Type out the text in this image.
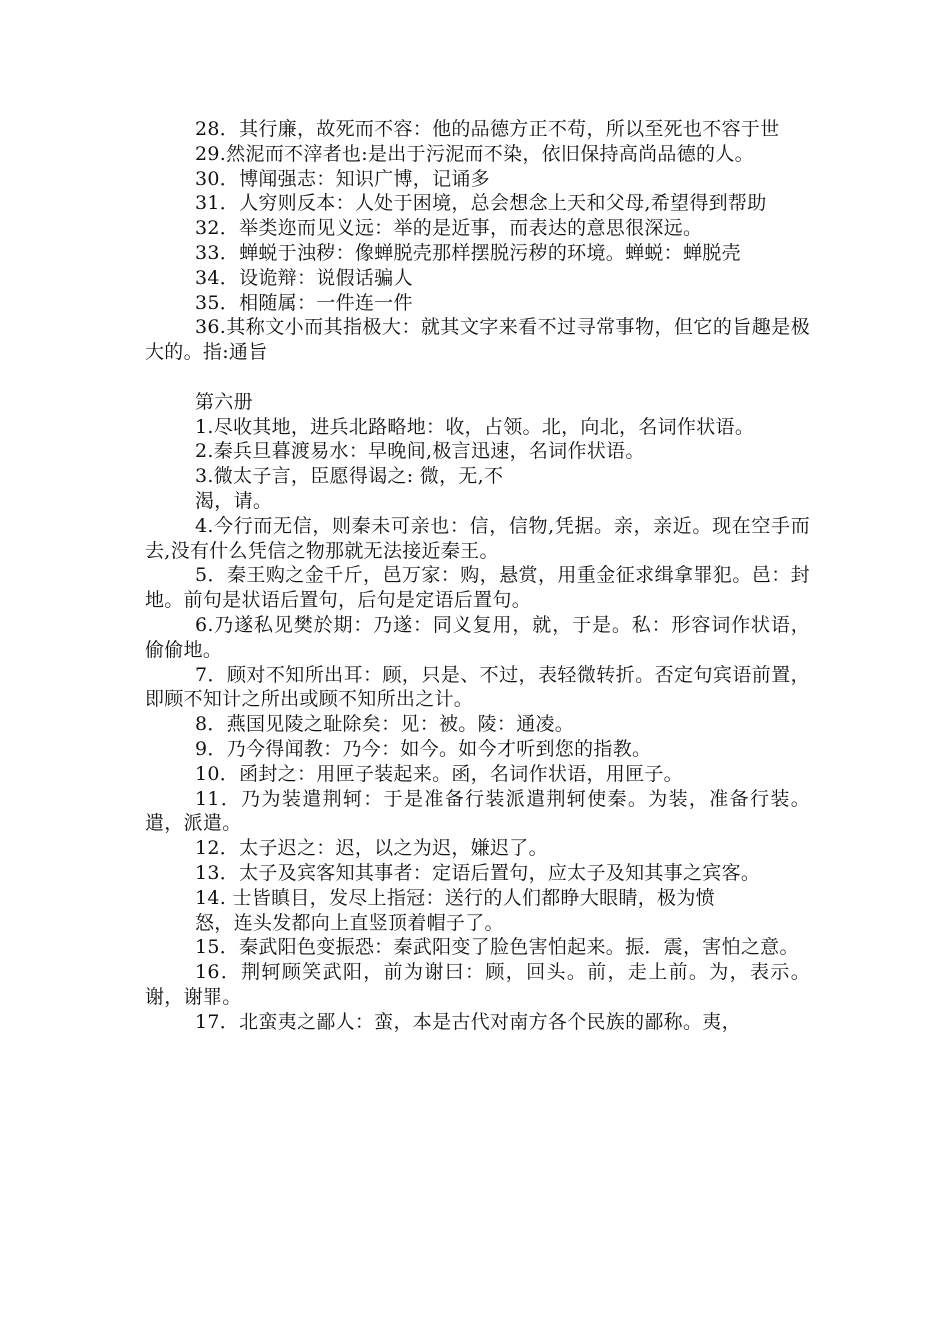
28．其行廉，故死而不容：他的品德方正不苟，所以至死也不容于世

29.然泥而不滓者也:是出于污泥而不染，依旧保持高尚品德的人。

30．博闻强志：知识广博，记诵多

31．人穷则反本：人处于困境，总会想念上天和父母,希望得到帮助

32．举类迩而见义远：举的是近事，而表达的意思很深远。

33．蝉蜕于浊秽：像蝉脱壳那样摆脱污秽的环境。蝉蜕：蝉脱壳

34．设诡辩：说假话骗人

35．相随属：一件连一件

36.其称文小而其指极大：就其文字来看不过寻常事物，但它的旨趣是极大的。指:通旨

第六册

1.尽收其地，进兵北路略地：收，占领。北，向北，名词作状语。

2.秦兵旦暮渡易水：早晚间,极言迅速，名词作状语。

3.微太子言，臣愿得谒之: 微，无,不

渴，请。

4.今行而无信，则秦未可亲也：信，信物,凭据。亲，亲近。现在空手而去,没有什么凭信之物那就无法接近秦王。

5．秦王购之金千斤，邑万家：购，悬赏，用重金征求缉拿罪犯。邑：封地。前句是状语后置句，后句是定语后置句。

6.乃遂私见樊於期：乃遂：同义复用，就，于是。私：形容词作状语，偷偷地。

7．顾对不知所出耳：顾，只是、不过，表轻微转折。否定句宾语前置，即顾不知计之所出或顾不知所出之计。

8．燕国见陵之耻除矣：见：被。陵：通凌。

9．乃今得闻教：乃今：如今。如今才听到您的指教。

10．函封之：用匣子装起来。函，名词作状语，用匣子。

11．乃为装遣荆轲：于是准备行装派遣荆轲使秦。为装，准备行装。遣，派遣。

12．太子迟之：迟，以之为迟，嫌迟了。

13．太子及宾客知其事者：定语后置句，应太子及知其事之宾客。

14. 士皆瞋目，发尽上指冠：送行的人们都睁大眼睛，极为愤

怒，连头发都向上直竖顶着帽子了。

15．秦武阳色变振恐：秦武阳变了脸色害怕起来。振．震，害怕之意。

16．荆轲顾笑武阳，前为谢曰：顾，回头。前，走上前。为，表示。谢，谢罪。

17．北蛮夷之鄙人：蛮，本是古代对南方各个民族的鄙称。夷，
